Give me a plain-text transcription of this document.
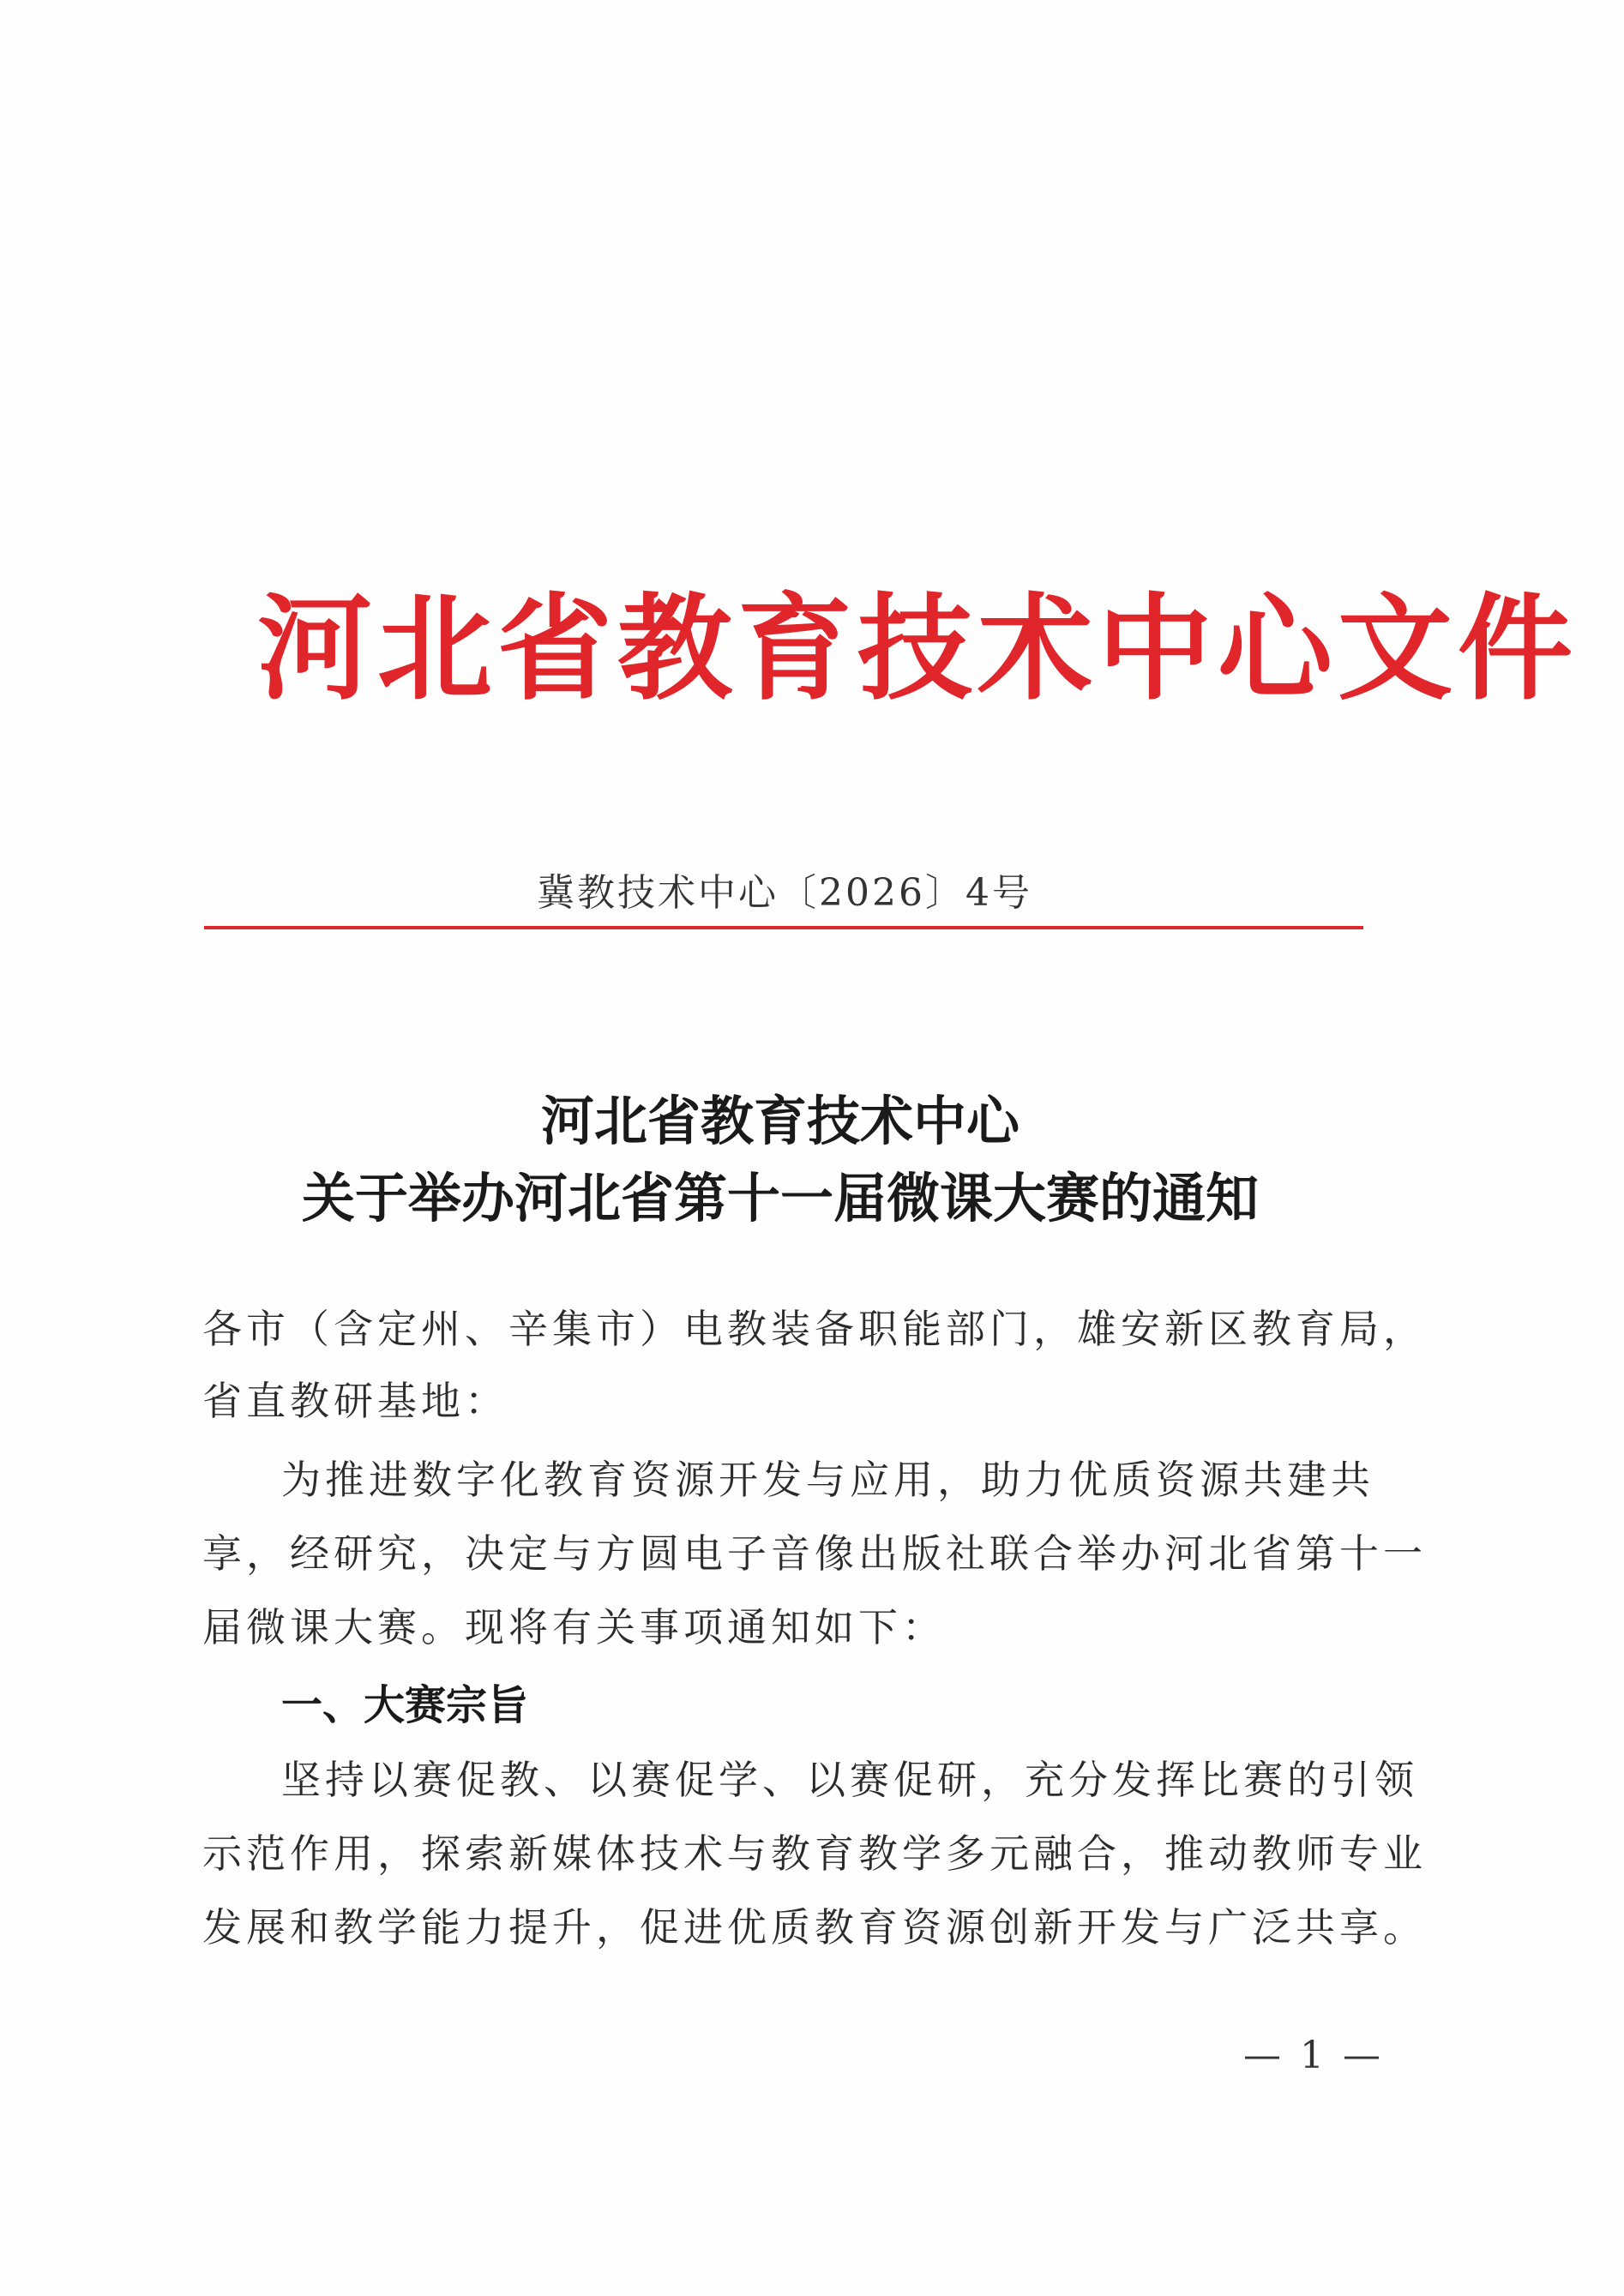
河北省教育技术中心文件
冀教技术中心〔2026〕4号
河北省教育技术中心
关于举办河北省第十一届微课大赛的通知
各市（含定州、辛集市）电教装备职能部门，雄安新区教育局，
省直教研基地：
为推进数字化教育资源开发与应用，助力优质资源共建共
享，经研究，决定与方圆电子音像出版社联合举办河北省第十一
届微课大赛。现将有关事项通知如下：
一、大赛宗旨
坚持以赛促教、以赛促学、以赛促研，充分发挥比赛的引领
示范作用，探索新媒体技术与教育教学多元融合，推动教师专业
发展和教学能力提升，促进优质教育资源创新开发与广泛共享。
— 1 —
